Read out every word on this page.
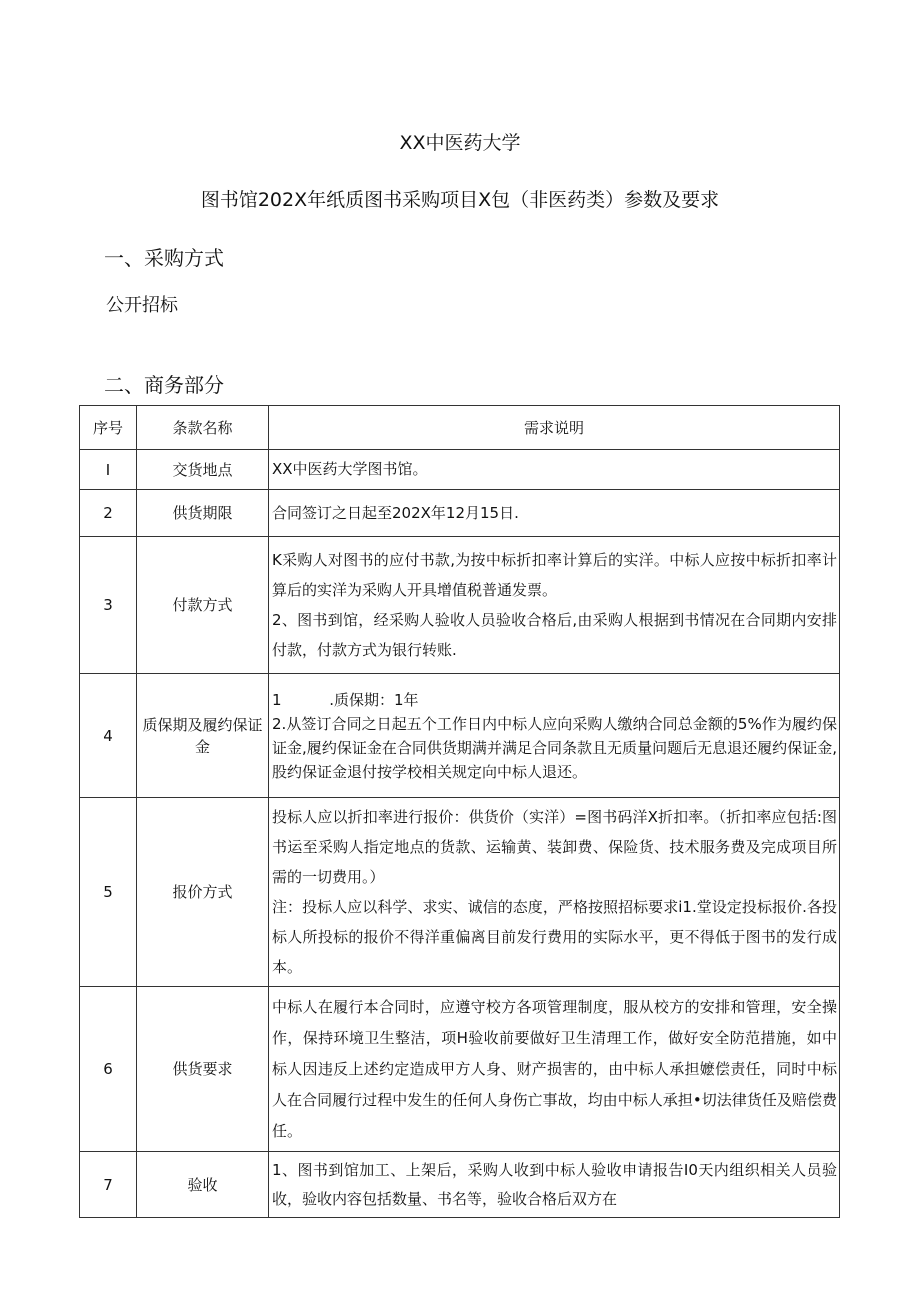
XX中医药大学
图书馆202X年纸质图书采购项目X包（非医药类）参数及要求
一、采购方式
公开招标
二、商务部分
序号	条款名称	需求说明
I	交货地点	XX中医药大学图书馆。

2	供货期限	合同签订之日起至202X年12月15日.

3	付款方式	K采购人对图书的应付书款,为按中标折扣率计算后的实洋。中标人应按中标折扣率计算后的实洋为采购人开具增值税普通发票。
2、图书到馆，经采购人验收人员验收合格后,由采购人根据到书情况在合同期内安排付款，付款方式为银行转账.

4	质保期及履约保证金	1          .质保期：1年
2.从签订合同之日起五个工作日内中标人应向采购人缴纳合同总金额的5%作为履约保证金,履约保证金在合同供货期满并满足合同条款且无质量问题后无息退还履约保证金,股约保证金退付按学校相关规定向中标人退还。

5	报价方式	投标人应以折扣率进行报价：供货价（实洋）=图书码洋X折扣率。（折扣率应包括:图书运至采购人指定地点的货款、运输黄、装卸费、保险货、技术服务费及完成项目所需的一切费用。）
注：投标人应以科学、求实、诚信的态度，严格按照招标要求i1.堂设定投标报价.各投标人所投标的报价不得洋重偏离目前发行费用的实际水平，更不得低于图书的发行成本。

6	供货要求	中标人在履行本合同时，应遵守校方各项管理制度，服从校方的安排和管理，安全操作，保持环境卫生整洁，项H验收前要做好卫生清理工作，做好安全防范措施，如中标人因违反上述约定造成甲方人身、财产损害的，由中标人承担嬷偿责任，同时中标人在合同履行过程中发生的任何人身伤亡事故，均由中标人承担•切法律货任及赔偿费任。

7	验收	1、图书到馆加工、上架后，采购人收到中标人验收申请报告I0天内组织相关人员验收，验收内容包括数量、书名等，验收合格后双方在
